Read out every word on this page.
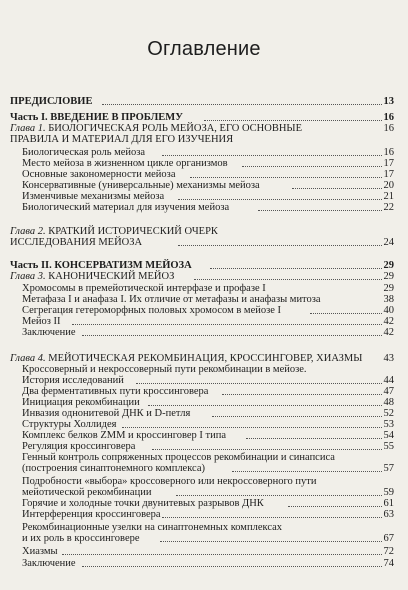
Оглавление
ПРЕДИСЛОВИЕ	13
Часть I. ВВЕДЕНИЕ В ПРОБЛЕМУ	16
Глава 1. БИОЛОГИЧЕСКАЯ РОЛЬ МЕЙОЗА, ЕГО ОСНОВНЫЕ	16
ПРАВИЛА И МАТЕРИАЛ ДЛЯ ЕГО ИЗУЧЕНИЯ
Биологическая роль мейоза	16
Место мейоза в жизненном цикле организмов	17
Основные закономерности мейоза	17
Консервативные (универсальные) механизмы мейоза	20
Изменчивые механизмы мейоза	21
Биологический материал для изучения мейоза	22
Глава 2. КРАТКИЙ ИСТОРИЧЕСКИЙ ОЧЕРК
ИССЛЕДОВАНИЯ МЕЙОЗА	24
Часть II. КОНСЕРВАТИЗМ МЕЙОЗА	29
Глава 3. КАНОНИЧЕСКИЙ МЕЙОЗ	29
Хромосомы в премейотической интерфазе и профазе I	29
Метафаза I и анафаза I. Их отличие от метафазы и анафазы митоза	38
Сегрегация гетероморфных половых хромосом в мейозе I	40
Мейоз II	42
Заключение	42
Глава 4. МЕЙОТИЧЕСКАЯ РЕКОМБИНАЦИЯ, КРОССИНГОВЕР, ХИАЗМЫ 43
Кроссоверный и некроссоверный пути рекомбинации в мейозе.
История исследований	44
Два ферментативных пути кроссинговера	47
Инициация рекомбинации	48
Инвазия однонитевой ДНК и D-петля	52
Структуры Холлидея	53
Комплекс белков ZMM и кроссинговер I типа	54
Регуляция кроссинговера	55
Генный контроль сопряженных процессов рекомбинации и синапсиса
(построения синаптонемного комплекса)	57
Подробности «выбора» кроссоверного или некроссоверного пути
мейотической рекомбинации	59
Горячие и холодные точки двунитевых разрывов ДНК	61
Интерференция кроссинговера	63
Рекомбинационные узелки на синаптонемных комплексах
и их роль в кроссинговере	67
Хиазмы	72
Заключение	74
